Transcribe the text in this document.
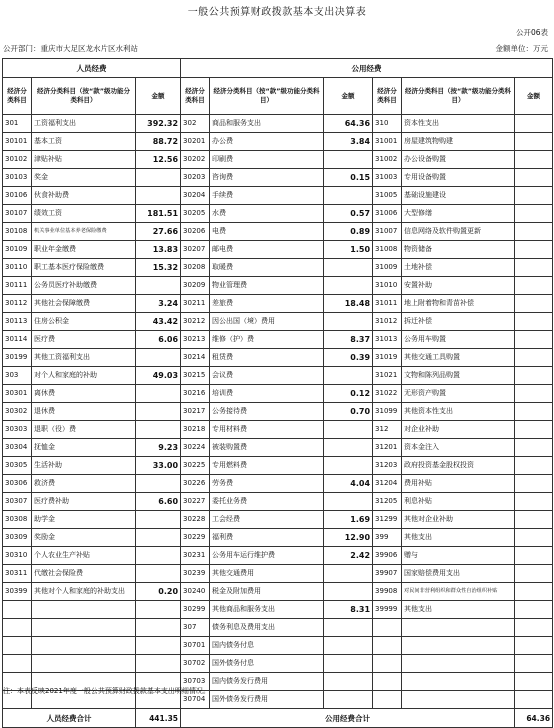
一般公共预算财政拨款基本支出决算表
公开06表
公开部门：重庆市大足区龙水片区水利站	金额单位：万元
人员经费			公用经费					
经济分类科目	经济分类科目（按“款”级功能分类科目）	金额	经济分类科目	经济分类科目（按“款”级功能分类科目）	金额	经济分类科目	经济分类科目（按“款”级功能分类科目）	金额
301	工资福利支出	392.32	302	商品和服务支出	64.36	310	资本性支出	
30101	基本工资	88.72	30201	办公费	3.84	31001	房屋建筑物购建	
30102	津贴补贴	12.56	30202	印刷费		31002	办公设备购置	
30103	奖金		30203	咨询费	0.15	31003	专用设备购置	
30106	伙食补助费		30204	手续费		31005	基础设施建设	
30107	绩效工资	181.51	30205	水费	0.57	31006	大型修缮	
30108	机关事业单位基本养老保险缴费	27.66	30206	电费	0.89	31007	信息网络及软件购置更新	
30109	职业年金缴费	13.83	30207	邮电费	1.50	31008	物资储备	
30110	职工基本医疗保险缴费	15.32	30208	取暖费		31009	土地补偿	
30111	公务员医疗补助缴费		30209	物业管理费		31010	安置补助	
30112	其他社会保障缴费	3.24	30211	差旅费	18.48	31011	地上附着物和青苗补偿	
30113	住房公积金	43.42	30212	因公出国（境）费用		31012	拆迁补偿	
30114	医疗费	6.06	30213	维修（护）费	8.37	31013	公务用车购置	
30199	其他工资福利支出		30214	租赁费	0.39	31019	其他交通工具购置	
303	对个人和家庭的补助	49.03	30215	会议费		31021	文物和陈列品购置	
30301	离休费		30216	培训费	0.12	31022	无形资产购置	
30302	退休费		30217	公务接待费	0.70	31099	其他资本性支出	
30303	退职（役）费		30218	专用材料费		312	对企业补助	
30304	抚恤金	9.23	30224	被装购置费		31201	资本金注入	
30305	生活补助	33.00	30225	专用燃料费		31203	政府投资基金股权投资	
30306	救济费		30226	劳务费	4.04	31204	费用补贴	
30307	医疗费补助	6.60	30227	委托业务费		31205	利息补贴	
30308	助学金		30228	工会经费	1.69	31299	其他对企业补助	
30309	奖励金		30229	福利费	12.90	399	其他支出	
30310	个人农业生产补贴		30231	公务用车运行维护费	2.42	39906	赠与	
30311	代缴社会保险费		30239	其他交通费用		39907	国家赔偿费用支出	
30399	其他对个人和家庭的补助支出	0.20	30240	税金及附加费用		39908	对民间非营利组织和群众性自治组织补贴	
			30299	其他商品和服务支出	8.31	39999	其他支出	
			307	债务利息及费用支出				
			30701	国内债务付息				
			30702	国外债务付息				
			30703	国内债务发行费用				
			30704	国外债务发行费用				
人员经费合计		441.35	公用经费合计					64.36
注：本表反映2021年度一般公共预算财政拨款基本支出明细情况。
